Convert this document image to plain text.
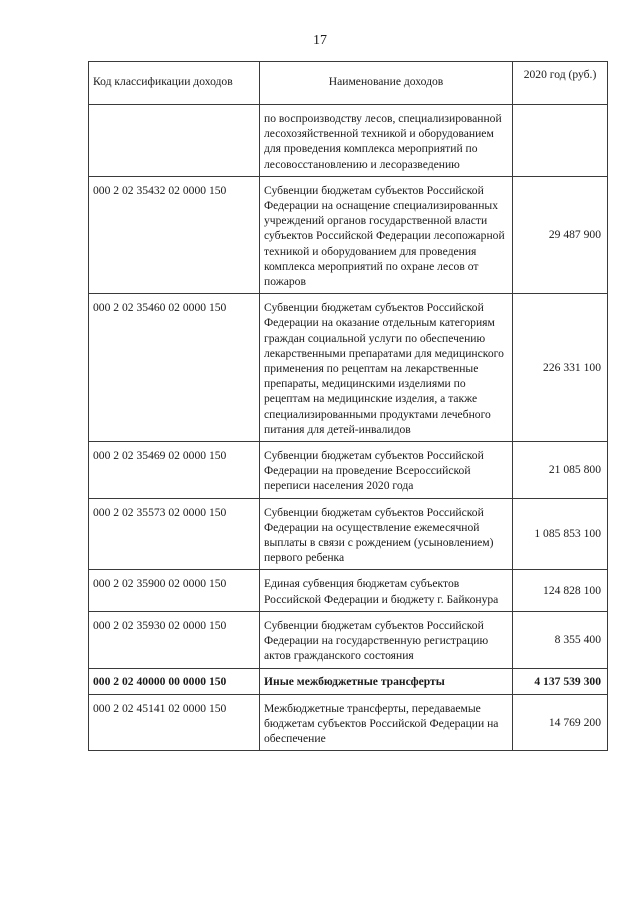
17
Код классификации доходов	Наименование доходов	2020 год (руб.)
	по воспроизводству лесов, специализированной лесохозяйственной техникой и оборудованием для проведения комплекса мероприятий по лесовосстановлению и лесоразведению	
000 2 02 35432 02 0000 150	Субвенции бюджетам субъектов Российской Федерации на оснащение специализированных учреждений органов государственной власти субъектов Российской Федерации лесопожарной техникой и оборудованием для проведения комплекса мероприятий по охране лесов от пожаров	29 487 900
000 2 02 35460 02 0000 150	Субвенции бюджетам субъектов Российской Федерации на оказание отдельным категориям граждан социальной услуги по обеспечению лекарственными препаратами для медицинского применения по рецептам на лекарственные препараты, медицинскими изделиями по рецептам на медицинские изделия, а также специализированными продуктами лечебного питания для детей-инвалидов	226 331 100
000 2 02 35469 02 0000 150	Субвенции бюджетам субъектов Российской Федерации на проведение Всероссийской переписи населения 2020 года	21 085 800
000 2 02 35573 02 0000 150	Субвенции бюджетам субъектов Российской Федерации на осуществление ежемесячной выплаты в связи с рождением (усыновлением) первого ребенка	1 085 853 100
000 2 02 35900 02 0000 150	Единая субвенция бюджетам субъектов Российской Федерации и бюджету г. Байконура	124 828 100
000 2 02 35930 02 0000 150	Субвенции бюджетам субъектов Российской Федерации на государственную регистрацию актов гражданского состояния	8 355 400
000 2 02 40000 00 0000 150	Иные межбюджетные трансферты	4 137 539 300
000 2 02 45141 02 0000 150	Межбюджетные трансферты, передаваемые бюджетам субъектов Российской Федерации на обеспечение	14 769 200
